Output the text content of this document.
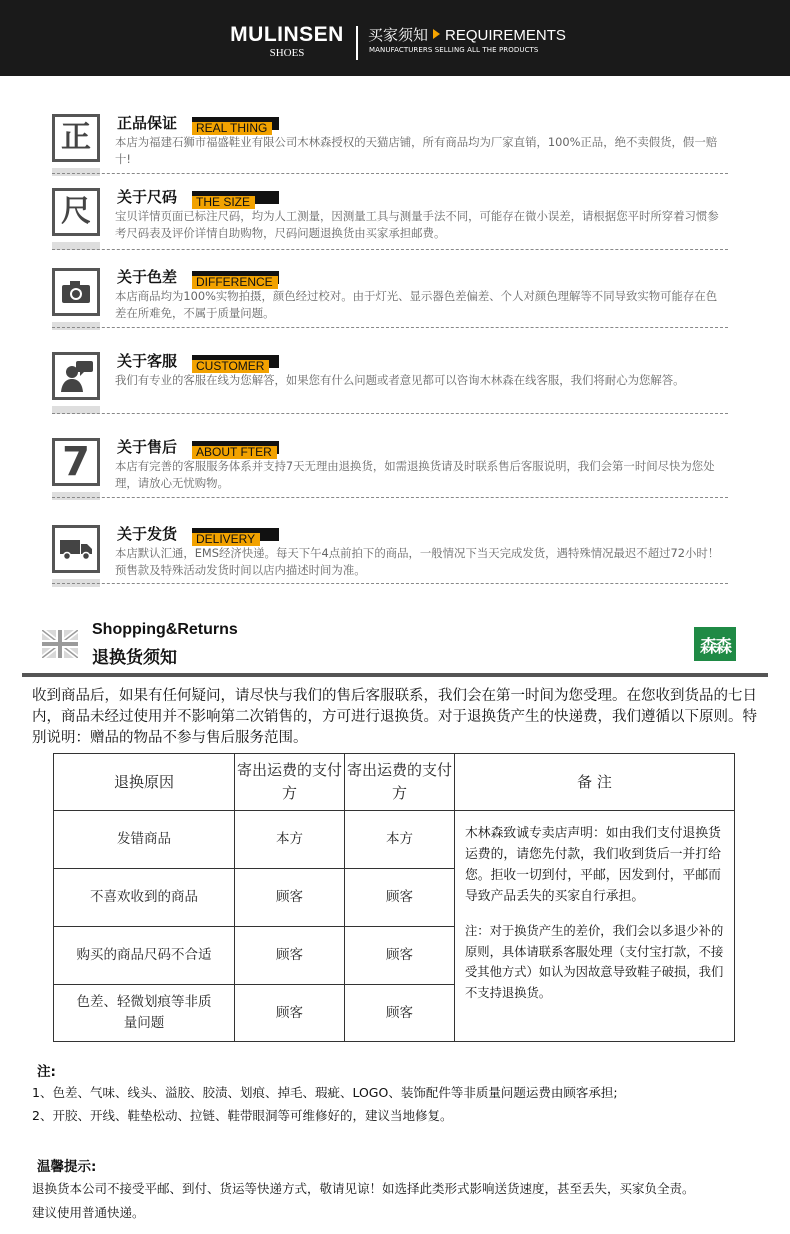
MULINSEN
SHOES
买家须知 REQUIREMENTS
MANUFACTURERS SELLING ALL THE PRODUCTS
正 正品保证	REAL THING
本店为福建石狮市福盛鞋业有限公司木林森授权的天猫店铺，所有商品均为厂家直销，100%正品，绝不卖假货，假一赔十!
尺 关于尺码	THE SIZE
宝贝详情页面已标注尺码，均为人工测量，因测量工具与测量手法不同，可能存在微小误差，请根据您平时所穿着习惯参考尺码表及评价详情自助购物，尺码问题退换货由买家承担邮费。
关于色差	DIFFERENCE
本店商品均为100%实物拍摄，颜色经过校对。由于灯光、显示器色差偏差、个人对颜色理解等不同导致实物可能存在色差在所难免，不属于质量问题。
关于客服	CUSTOMER
我们有专业的客服在线为您解答，如果您有什么问题或者意见都可以咨询木林森在线客服，我们将耐心为您解答。
7 关于售后	ABOUT FTER
本店有完善的客服服务体系并支持7天无理由退换货，如需退换货请及时联系售后客服说明，我们会第一时间尽快为您处理，请放心无忧购物。
关于发货	DELIVERY
本店默认汇通，EMS经济快递。每天下午4点前拍下的商品，一般情况下当天完成发货，遇特殊情况最迟不超过72小时！预售款及特殊活动发货时间以店内描述时间为准。
Shopping&Returns
退换货须知
森森
收到商品后，如果有任何疑问，请尽快与我们的售后客服联系，我们会在第一时间为您受理。在您收到货品的七日内，商品未经过使用并不影响第二次销售的，方可进行退换货。对于退换货产生的快递费，我们遵循以下原则。特别说明：赠品的物品不参与售后服务范围。
退换原因	寄出运费的支付方	寄出运费的支付方	备 注
发错商品	本方	本方	木林森致诚专卖店声明：如由我们支付退换货运费的，请您先付款，我们收到货后一并打给您。拒收一切到付，平邮，因发到付，平邮而导致产品丢失的买家自行承担。
注：对于换货产生的差价，我们会以多退少补的原则，具体请联系客服处理（支付宝打款，不接受其他方式）如认为因故意导致鞋子破损，我们不支持退换货。

不喜欢收到的商品	顾客	顾客	
购买的商品尺码不合适	顾客	顾客	
色差、轻微划痕等非质量问题	顾客	顾客	
注:
1、色差、气味、线头、溢胶、胶渍、划痕、掉毛、瑕疵、LOGO、装饰配件等非质量问题运费由顾客承担;
2、开胶、开线、鞋垫松动、拉链、鞋带眼洞等可维修好的，建议当地修复。
温馨提示:
退换货本公司不接受平邮、到付、货运等快递方式，敬请见谅！如选择此类形式影响送货速度，甚至丢失，买家负全责。
建议使用普通快递。
